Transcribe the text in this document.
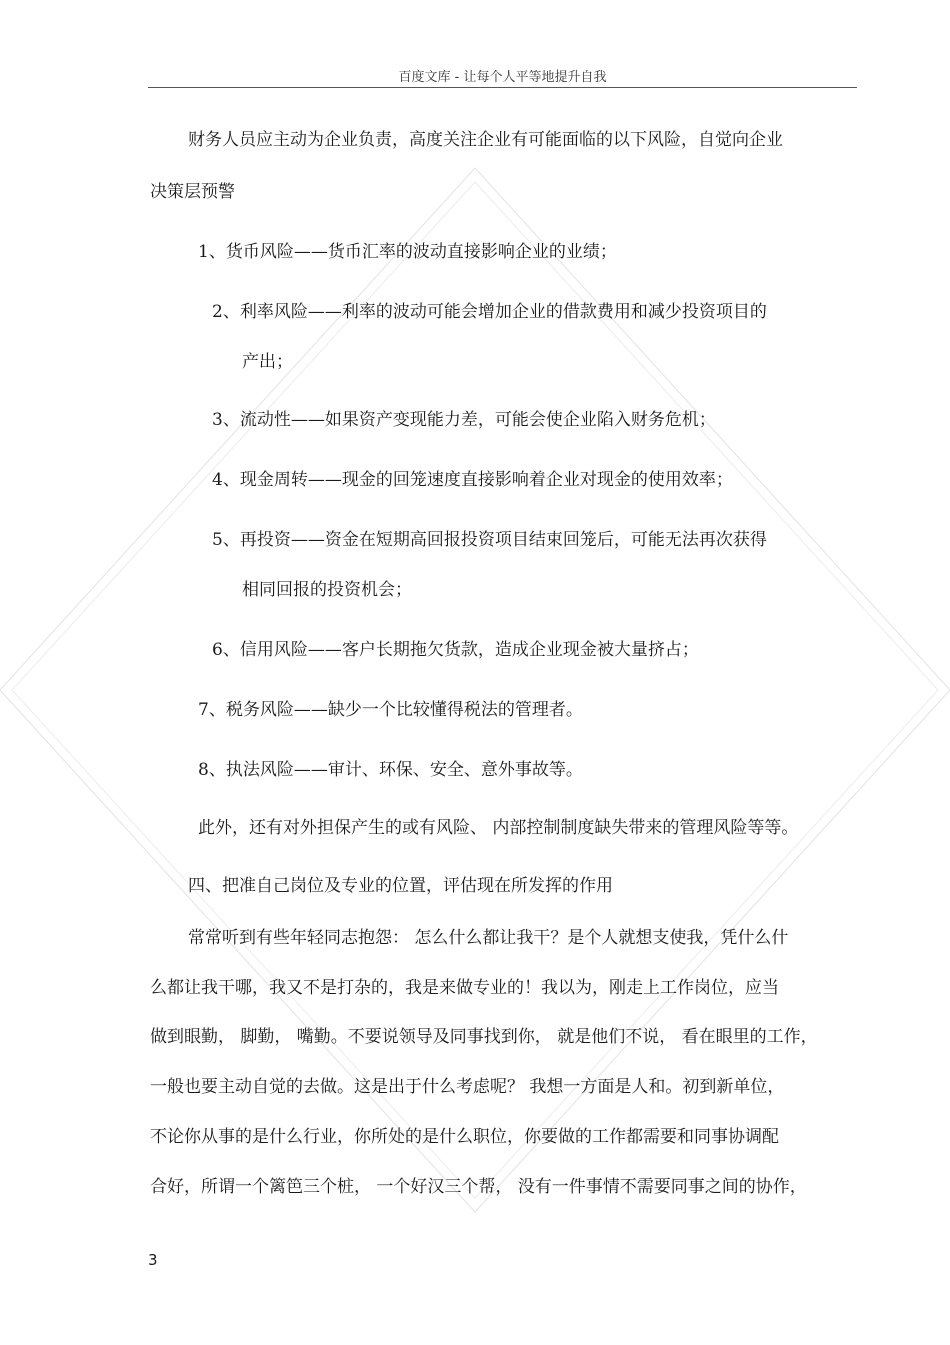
百度文库 - 让每个人平等地提升自我
财务人员应主动为企业负责，高度关注企业有可能面临的以下风险，自觉向企业
决策层预警
1、货币风险——货币汇率的波动直接影响企业的业绩；
2、利率风险——利率的波动可能会增加企业的借款费用和减少投资项目的
产出；
3、流动性——如果资产变现能力差，可能会使企业陷入财务危机；
4、现金周转——现金的回笼速度直接影响着企业对现金的使用效率；
5、再投资——资金在短期高回报投资项目结束回笼后，可能无法再次获得
相同回报的投资机会；
6、信用风险——客户长期拖欠货款，造成企业现金被大量挤占；
7、税务风险——缺少一个比较懂得税法的管理者。
8、执法风险——审计、环保、安全、意外事故等。
此外，还有对外担保产生的或有风险、 内部控制制度缺失带来的管理风险等等。
四、把准自己岗位及专业的位置，评估现在所发挥的作用
常常听到有些年轻同志抱怨： 怎么什么都让我干？是个人就想支使我，凭什么什
么都让我干哪，我又不是打杂的，我是来做专业的！我以为，刚走上工作岗位，应当
做到眼勤， 脚勤， 嘴勤。不要说领导及同事找到你， 就是他们不说， 看在眼里的工作，
一般也要主动自觉的去做。这是出于什么考虑呢？ 我想一方面是人和。初到新单位，
不论你从事的是什么行业，你所处的是什么职位，你要做的工作都需要和同事协调配
合好，所谓一个篱笆三个桩， 一个好汉三个帮， 没有一件事情不需要同事之间的协作，
3
